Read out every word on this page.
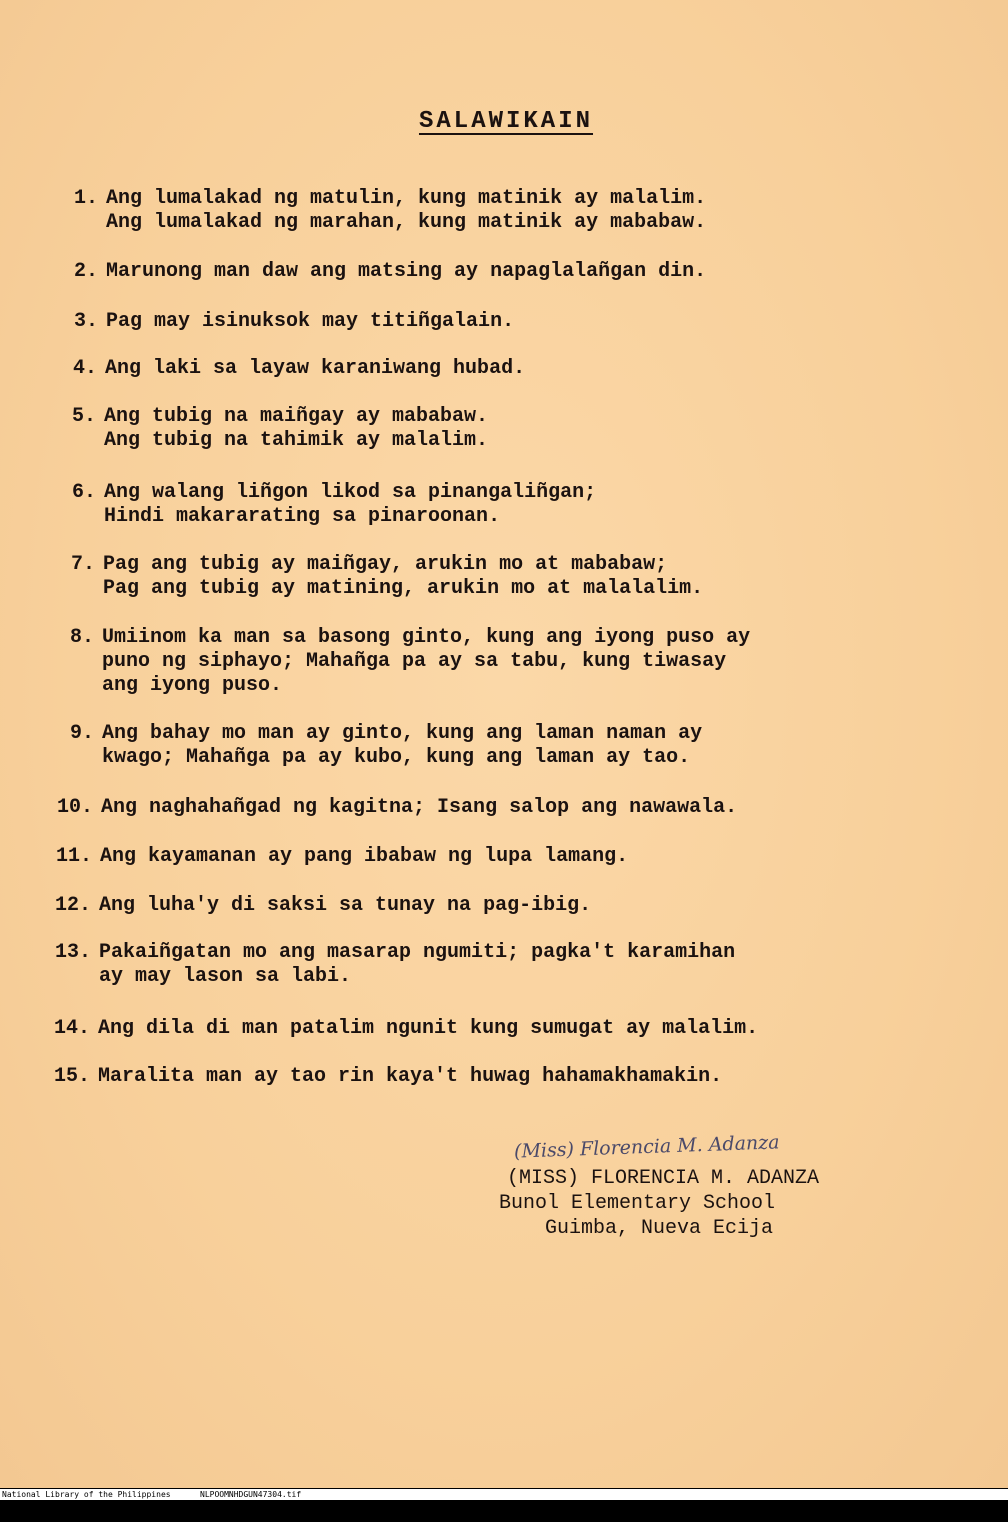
SALAWIKAIN
1. Ang lumalakad ng matulin, kung matinik ay malalim.
Ang lumalakad ng marahan, kung matinik ay mababaw.
2. Marunong man daw ang matsing ay napaglalañgan din.
3. Pag may isinuksok may titiñgalain.
4. Ang laki sa layaw karaniwang hubad.
5. Ang tubig na maiñgay ay mababaw.
Ang tubig na tahimik ay malalim.
6. Ang walang liñgon likod sa pinangaliñgan;
Hindi makararating sa pinaroonan.
7. Pag ang tubig ay maiñgay, arukin mo at mababaw;
Pag ang tubig ay matining, arukin mo at malalalim.
8. Umiinom ka man sa basong ginto, kung ang iyong puso ay
puno ng siphayo; Mahañga pa ay sa tabu, kung tiwasay
ang iyong puso.
9. Ang bahay mo man ay ginto, kung ang laman naman ay
kwago; Mahañga pa ay kubo, kung ang laman ay tao.
10. Ang naghahañgad ng kagitna; Isang salop ang nawawala.
11. Ang kayamanan ay pang ibabaw ng lupa lamang.
12. Ang luha'y di saksi sa tunay na pag-ibig.
13. Pakaiñgatan mo ang masarap ngumiti; pagka't karamihan
ay may lason sa labi.
14. Ang dila di man patalim ngunit kung sumugat ay malalim.
15. Maralita man ay tao rin kaya't huwag hahamakhamakin.
(Miss) Florencia M. Adanza
(MISS) FLORENCIA M. ADANZA
Bunol Elementary School
Guimba, Nueva Ecija

National Library of the Philippines

	NLPOOMNHDGUN47304.tif
